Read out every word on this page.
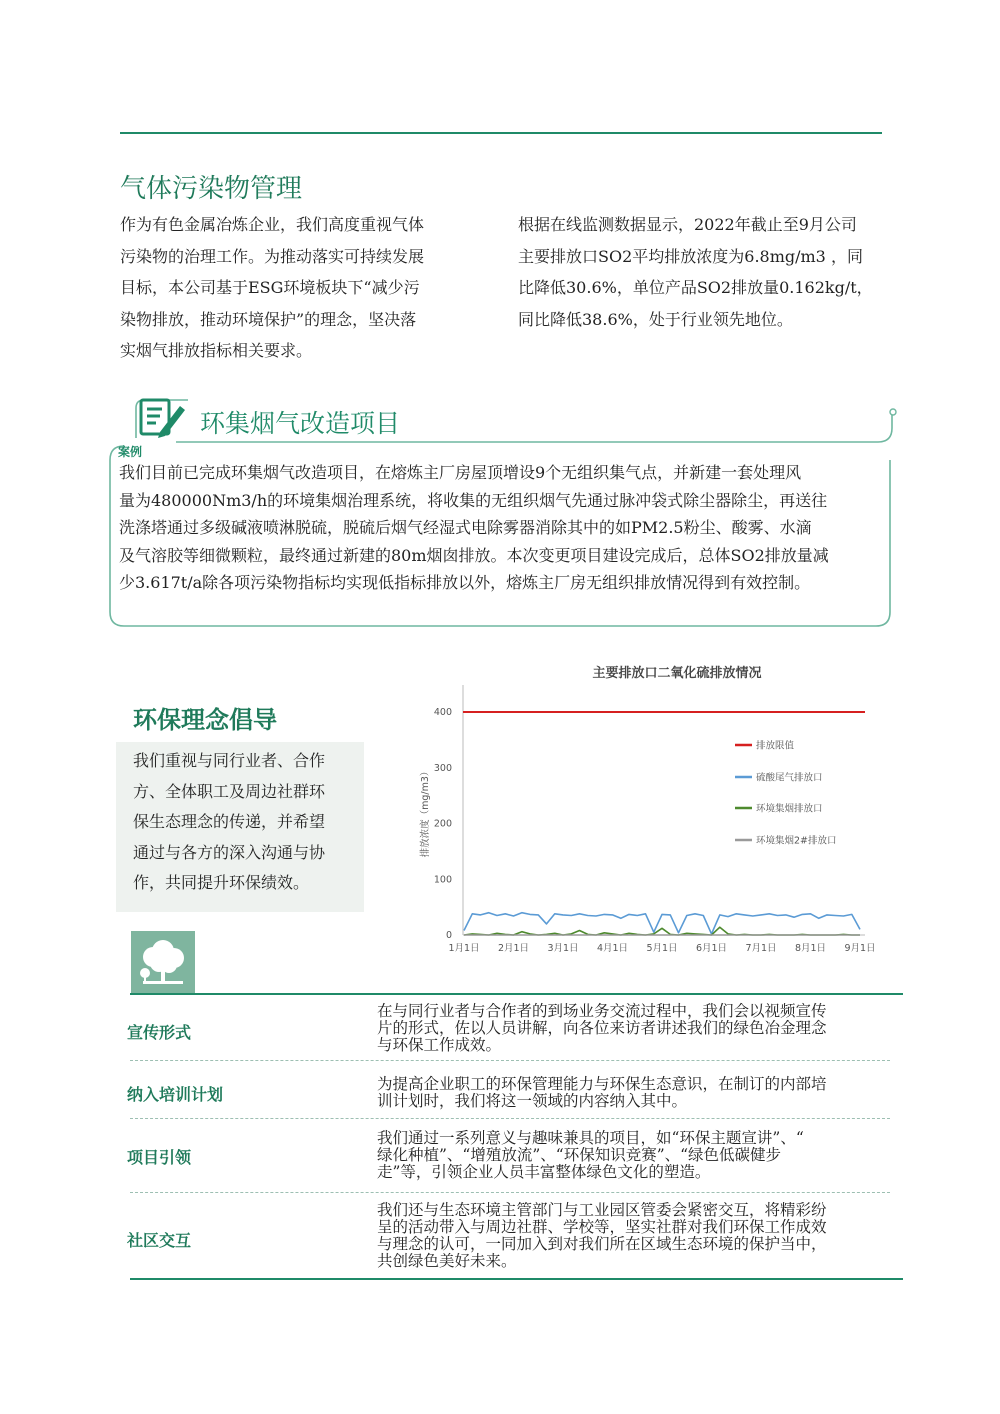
气体污染物管理

作为有色金属冶炼企业，我们高度重视气体

污染物的治理工作。为推动落实可持续发展

目标，本公司基于ESG环境板块下“减少污

染物排放，推动环境保护”的理念，坚决落

实烟气排放指标相关要求。

根据在线监测数据显示，2022年截止至9月公司

主要排放口SO2平均排放浓度为6.8mg/m3 ，同

比降低30.6%，单位产品SO2排放量0.162kg/t，

同比降低38.6%，处于行业领先地位。

环集烟气改造项目
案例

我们目前已完成环集烟气改造项目，在熔炼主厂房屋顶增设9个无组织集气点，并新建一套处理风

量为480000Nm3/h的环境集烟治理系统，将收集的无组织烟气先通过脉冲袋式除尘器除尘，再送往

洗涤塔通过多级碱液喷淋脱硫，脱硫后烟气经湿式电除雾器消除其中的如PM2.5粉尘、酸雾、水滴

及气溶胶等细微颗粒，最终通过新建的80m烟囱排放。本次变更项目建设完成后，总体SO2排放量减

少3.617t/a除各项污染物指标均实现低指标排放以外，熔炼主厂房无组织排放情况得到有效控制。

环保理念倡导

我们重视与同行业者、合作

方、全体职工及周边社群环

保生态理念的传递，并希望

通过与各方的深入沟通与协

作，共同提升环保绩效。

主要排放口二氧化硫排放情况
0
100
200
300
400
1月1日 2月1日 3月1日 4月1日 5月1日 6月1日 7月1日 8月1日 9月1日
排放浓度（mg/m3）
排放限值
硫酸尾气排放口
环境集烟排放口
环境集烟2#排放口
宣传形式

在与同行业者与合作者的到场业务交流过程中，我们会以视频宣传

片的形式，佐以人员讲解，向各位来访者讲述我们的绿色冶金理念

与环保工作成效。

纳入培训计划

为提高企业职工的环保管理能力与环保生态意识，在制订的内部培

训计划时，我们将这一领域的内容纳入其中。

项目引领

我们通过一系列意义与趣味兼具的项目，如“环保主题宣讲”、“

绿化种植”、“增殖放流”、“环保知识竞赛”、“绿色低碳健步

走”等，引领企业人员丰富整体绿色文化的塑造。

社区交互

我们还与生态环境主管部门与工业园区管委会紧密交互，将精彩纷

呈的活动带入与周边社群、学校等，坚实社群对我们环保工作成效

与理念的认可，一同加入到对我们所在区域生态环境的保护当中，

共创绿色美好未来。
